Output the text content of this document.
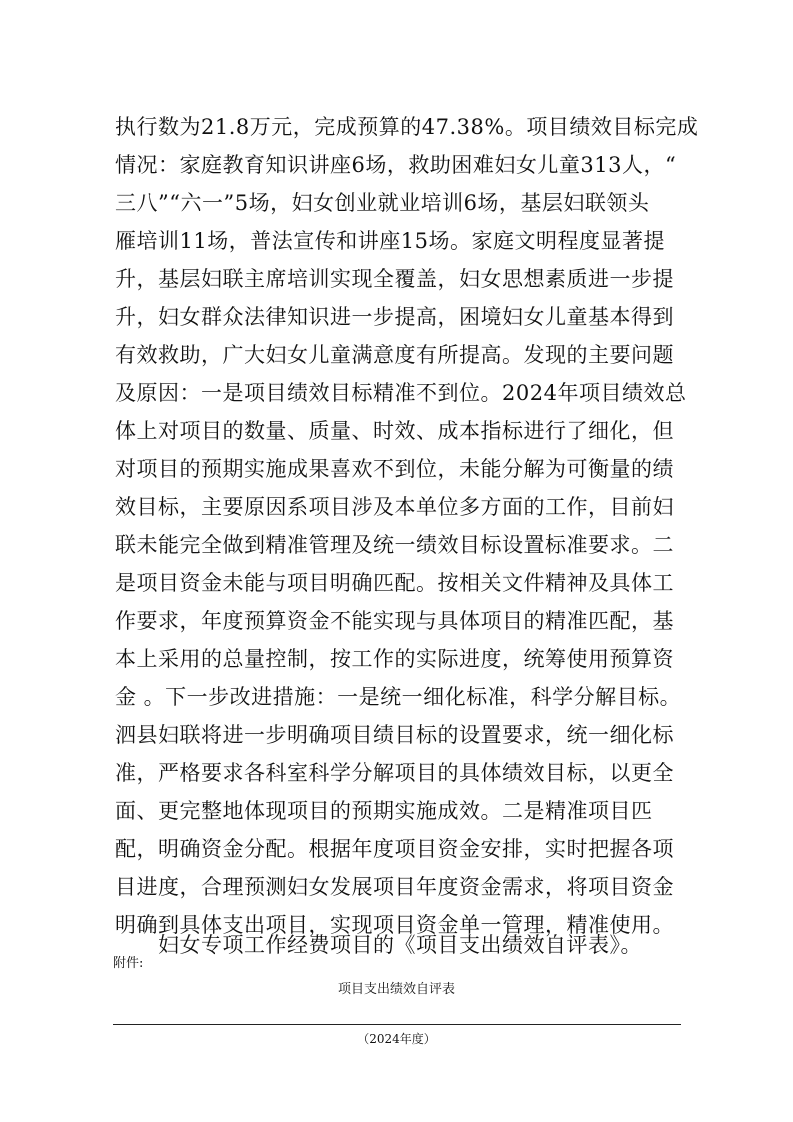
执行数为21.8万元，完成预算的47.38%。项目绩效目标完成
情况：家庭教育知识讲座6场，救助困难妇女儿童313人，“
三八”“六一”5场，妇女创业就业培训6场，基层妇联领头
雁培训11场，普法宣传和讲座15场。家庭文明程度显著提
升，基层妇联主席培训实现全覆盖，妇女思想素质进一步提
升，妇女群众法律知识进一步提高，困境妇女儿童基本得到
有效救助，广大妇女儿童满意度有所提高。发现的主要问题
及原因：一是项目绩效目标精准不到位。2024年项目绩效总
体上对项目的数量、质量、时效、成本指标进行了细化，但
对项目的预期实施成果喜欢不到位，未能分解为可衡量的绩
效目标，主要原因系项目涉及本单位多方面的工作，目前妇
联未能完全做到精准管理及统一绩效目标设置标准要求。二
是项目资金未能与项目明确匹配。按相关文件精神及具体工
作要求，年度预算资金不能实现与具体项目的精准匹配，基
本上采用的总量控制，按工作的实际进度，统筹使用预算资
金 。下一步改进措施：一是统一细化标准，科学分解目标。
泗县妇联将进一步明确项目绩目标的设置要求，统一细化标
准，严格要求各科室科学分解项目的具体绩效目标，以更全
面、更完整地体现项目的预期实施成效。二是精准项目匹
配，明确资金分配。根据年度项目资金安排，实时把握各项
目进度，合理预测妇女发展项目年度资金需求，将项目资金
明确到具体支出项目，实现项目资金单一管理，精准使用。
妇女专项工作经费项目的《项目支出绩效自评表》。
附件:
项目支出绩效自评表
（2024年度）
